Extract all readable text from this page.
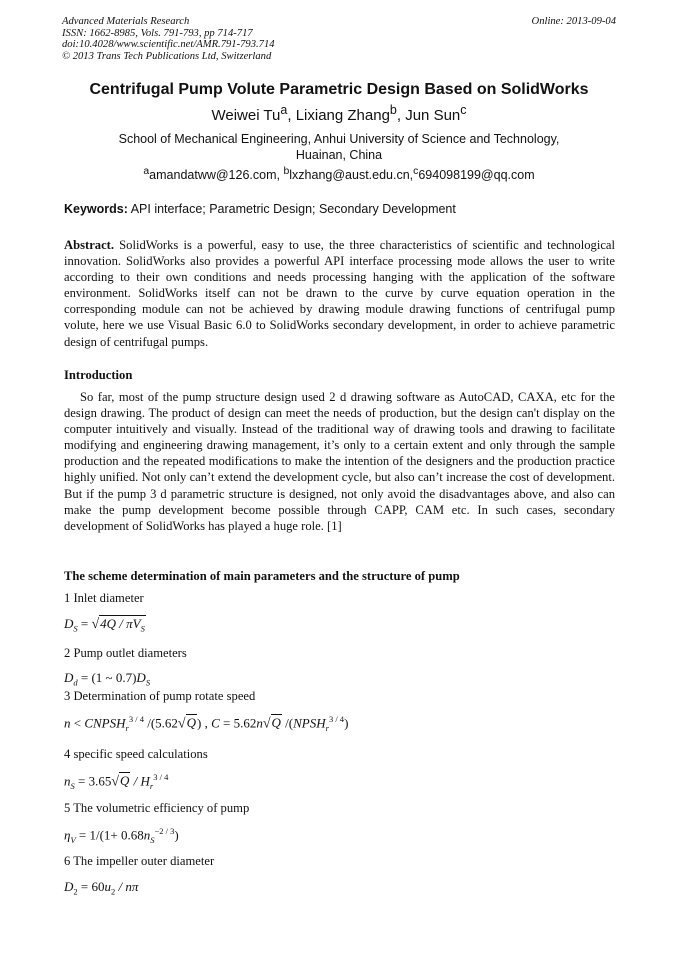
Advanced Materials Research
ISSN: 1662-8985, Vols. 791-793, pp 714-717
doi:10.4028/www.scientific.net/AMR.791-793.714
© 2013 Trans Tech Publications Ltd, Switzerland
Online: 2013-09-04
Centrifugal Pump Volute Parametric Design Based on SolidWorks
Weiwei Tu$^a$, Lixiang Zhang$^b$, Jun Sun$^c$
School of Mechanical Engineering, Anhui University of Science and Technology,
Huainan, China
$^a$amandatww@126.com, $^b$lxzhang@aust.edu.cn,$^c$694098199@qq.com
Keywords: API interface; Parametric Design; Secondary Development
Abstract. SolidWorks is a powerful, easy to use, the three characteristics of scientific and technological innovation. SolidWorks also provides a powerful API interface processing mode allows the user to write according to their own conditions and needs processing hanging with the application of the software environment. SolidWorks itself can not be drawn to the curve by curve equation operation in the corresponding module can not be achieved by drawing module drawing functions of centrifugal pump volute, here we use Visual Basic 6.0 to SolidWorks secondary development, in order to achieve parametric design of centrifugal pumps.
Introduction
So far, most of the pump structure design used 2 d drawing software as AutoCAD, CAXA, etc for the design drawing. The product of design can meet the needs of production, but the design can't display on the computer intuitively and visually. Instead of the traditional way of drawing tools and drawing to facilitate modifying and engineering drawing management, it’s only to a certain extent and only through the sample production and the repeated modifications to make the intention of the designers and the production practice highly unified. Not only can’t extend the development cycle, but also can’t increase the cost of development. But if the pump 3 d parametric structure is designed, not only avoid the disadvantages above, and also can make the pump development become possible through CAPP, CAM etc. In such cases, secondary development of SolidWorks has played a huge role. [1]
The scheme determination of main parameters and the structure of pump
1 Inlet diameter
$D_S = √4Q / \pi V_S$
2 Pump outlet diameters
$D_d = (1$ ~ $0.7)D_S$
3 Determination of pump rotate speed
$n < CNPSH_r^{3 / 4}$ /(5.62√Q) , C = 5.62n√Q $/(NPSH_r^{3 / 4})$
4 specific speed calculations
$n_S = 3.65√Q / H_r^{3 / 4}$
5 The volumetric efficiency of pump
$\eta_V = 1/(1+ 0.68n_S^{-2 / 3})$
6 The impeller outer diameter
$D_2 = 60u_2 / n\pi$
